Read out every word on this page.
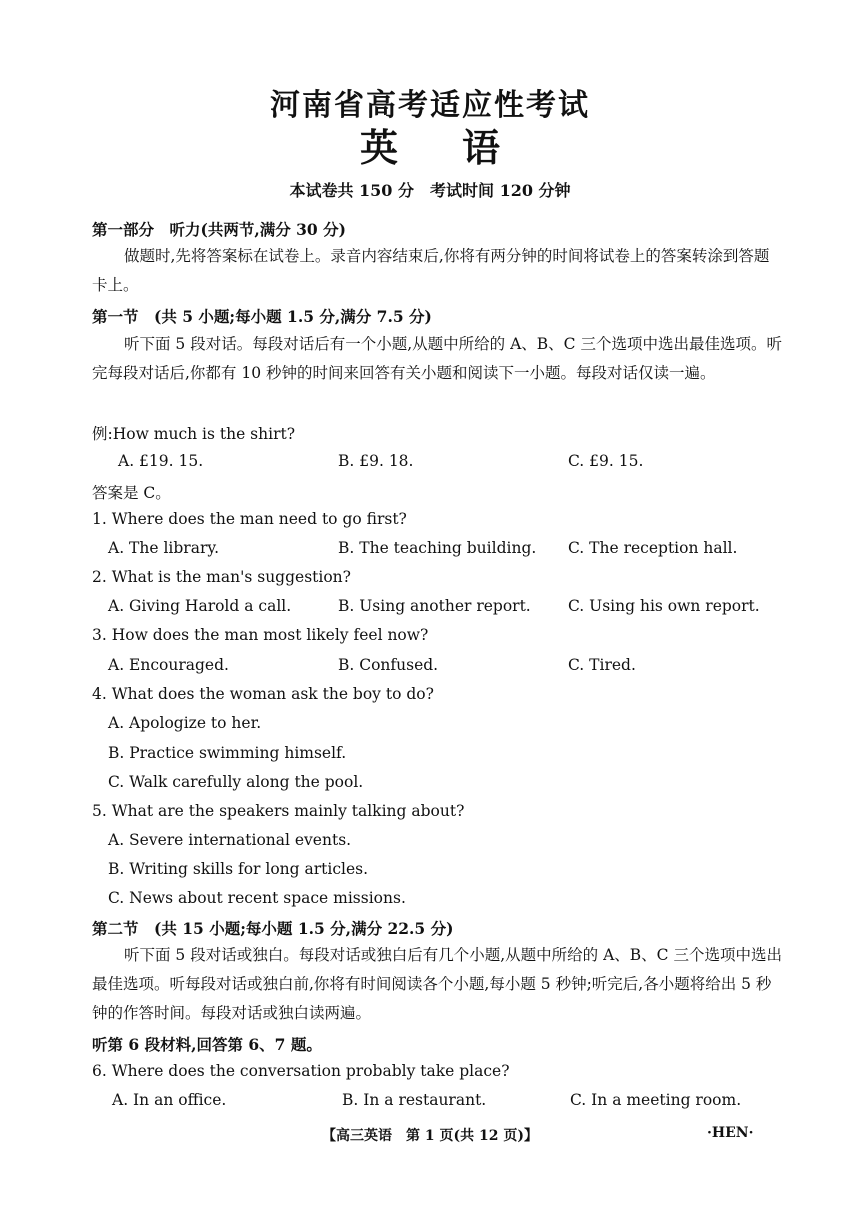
河南省高考适应性考试
英语
本试卷共 150 分　考试时间 120 分钟
第一部分　听力(共两节,满分 30 分)
做题时,先将答案标在试卷上。录音内容结束后,你将有两分钟的时间将试卷上的答案转涂到答题卡上。
第一节　(共 5 小题;每小题 1.5 分,满分 7.5 分)
听下面 5 段对话。每段对话后有一个小题,从题中所给的 A、B、C 三个选项中选出最佳选项。听完每段对话后,你都有 10 秒钟的时间来回答有关小题和阅读下一小题。每段对话仅读一遍。
例:How much is the shirt?
A. £19. 15.	B. £9. 18.	C. £9. 15.
答案是 C。
1. Where does the man need to go first?
A. The library.	B. The teaching building. C. The reception hall.
2. What is the man's suggestion?
A. Giving Harold a call.	B. Using another report. C. Using his own report.
3. How does the man most likely feel now?
A. Encouraged.	B. Confused.	C. Tired.
4. What does the woman ask the boy to do?
A. Apologize to her.
B. Practice swimming himself.
C. Walk carefully along the pool.
5. What are the speakers mainly talking about?
A. Severe international events.
B. Writing skills for long articles.
C. News about recent space missions.
第二节　(共 15 小题;每小题 1.5 分,满分 22.5 分)
听下面 5 段对话或独白。每段对话或独白后有几个小题,从题中所给的 A、B、C 三个选项中选出最佳选项。听每段对话或独白前,你将有时间阅读各个小题,每小题 5 秒钟;听完后,各小题将给出 5 秒钟的作答时间。每段对话或独白读两遍。
听第 6 段材料,回答第 6、7 题。
6. Where does the conversation probably take place?
A. In an office.	B. In a restaurant.	C. In a meeting room.
【高三英语　第 1 页(共 12 页)】	·HEN·
